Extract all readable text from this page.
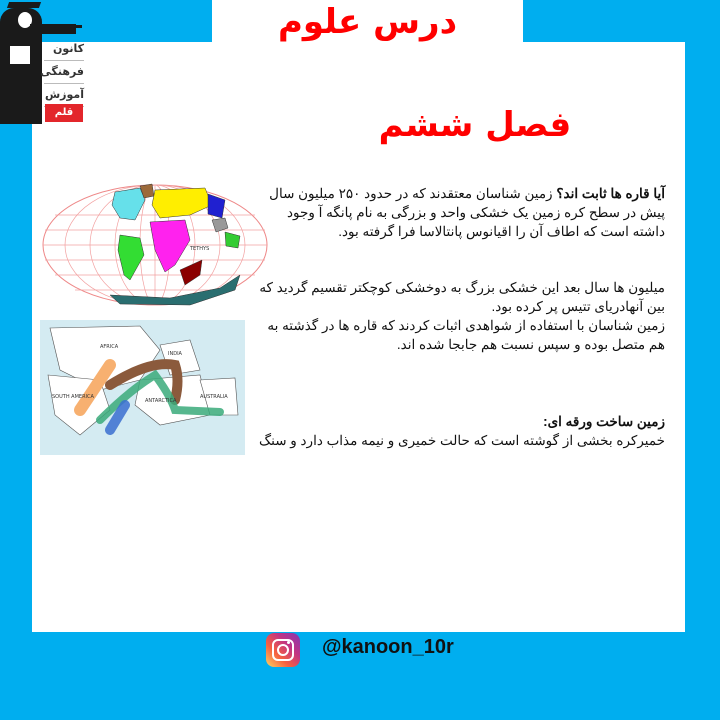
کانون
فرهنگی
آموزش
قلم چی
درس علوم
فصل ششم
TETHYS
AFRICA
INDIA
SOUTH AMERICA
ANTARCTICA
AUSTRALIA
آیا قاره ها ثابت اند؟ زمین شناسان معتقدند که در حدود ۲۵۰ میلیون سال پیش در سطح کره زمین یک خشکی واحد و بزرگی به نام پانگه آ وجود داشته است که اطاف آن را اقیانوس پانتالاسا فرا گرفته بود.
میلیون ها سال بعد این خشکی بزرگ به دوخشکی کوچکتر تقسیم گردید که بین آنهادریای تتیس پر کرده بود.
زمین شناسان با استفاده از شواهدی اثبات کردند که قاره ها در گذشته به هم متصل بوده و سپس نسبت هم جابجا شده اند.
زمین ساخت ورقه ای:
خمیرکره بخشی از گوشته است که حالت خمیری و نیمه مذاب دارد و سنگ
@kanoon_10r
